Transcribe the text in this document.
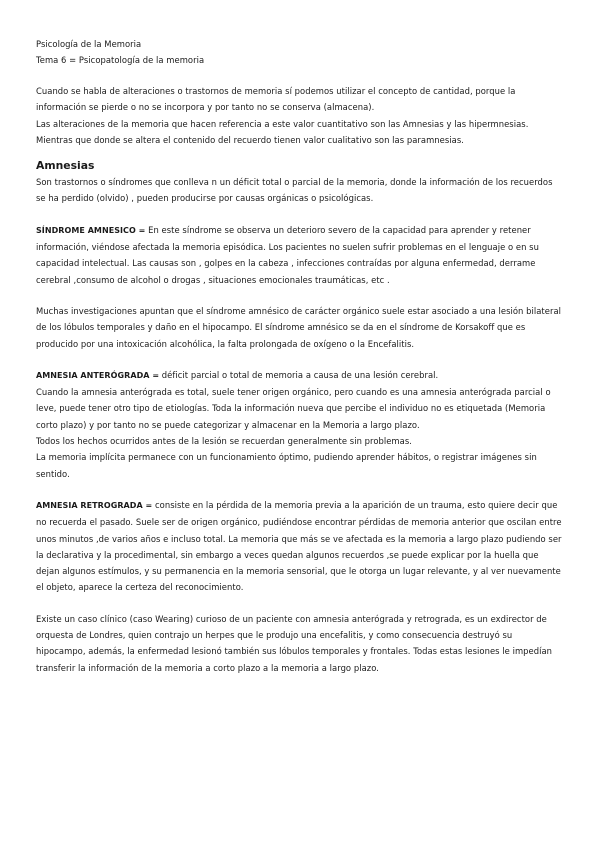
Psicología de la Memoria

Tema 6 = Psicopatología de la memoria

Cuando se habla de alteraciones o trastornos de memoria sí podemos utilizar el concepto de cantidad, porque la información se pierde o no se incorpora y por tanto no se conserva (almacena).

Las alteraciones de la memoria que hacen referencia a este valor cuantitativo son las Amnesias y las hipermnesias.

Mientras que donde se altera el contenido del recuerdo tienen valor cualitativo son las paramnesias.

Amnesias

Son trastornos o síndromes que conlleva n un déficit total o parcial de la memoria, donde la información de los recuerdos se ha perdido (olvido) , pueden producirse por causas orgánicas o psicológicas.

SÍNDROME AMNESICO = En este síndrome se observa un deterioro severo de la capacidad para aprender y retener información, viéndose afectada la memoria episódica. Los pacientes no suelen sufrir problemas en el lenguaje o en su capacidad intelectual. Las causas son , golpes en la cabeza , infecciones contraídas por alguna enfermedad, derrame cerebral ,consumo de alcohol o drogas , situaciones emocionales traumáticas, etc .

Muchas investigaciones apuntan que el síndrome amnésico de carácter orgánico suele estar asociado a una lesión bilateral de los lóbulos temporales y daño en el hipocampo. El síndrome amnésico se da en el síndrome de Korsakoff que es producido por una intoxicación alcohólica, la falta prolongada de oxígeno o la Encefalitis.

AMNESIA ANTERÓGRADA = déficit parcial o total de memoria a causa de una lesión cerebral.

Cuando la amnesia anterógrada es total, suele tener origen orgánico, pero cuando es una amnesia anterógrada parcial o leve, puede tener otro tipo de etiologías. Toda la información nueva que percibe el individuo no es etiquetada (Memoria corto plazo) y por tanto no se puede categorizar y almacenar en la Memoria a largo plazo.

Todos los hechos ocurridos antes de la lesión se recuerdan generalmente sin problemas.

La memoria implícita permanece con un funcionamiento óptimo, pudiendo aprender hábitos, o registrar imágenes sin sentido.

AMNESIA RETROGRADA = consiste en la pérdida de la memoria previa a la aparición de un trauma, esto quiere decir que no recuerda el pasado. Suele ser de origen orgánico, pudiéndose encontrar pérdidas de memoria anterior que oscilan entre unos minutos ,de varios años e incluso total. La memoria que más se ve afectada es la memoria a largo plazo pudiendo ser la declarativa y la procedimental, sin embargo a veces quedan algunos recuerdos ,se puede explicar por la huella que dejan algunos estímulos, y su permanencia en la memoria sensorial, que le otorga un lugar relevante, y al ver nuevamente el objeto, aparece la certeza del reconocimiento.

Existe un caso clínico (caso Wearing) curioso de un paciente con amnesia anterógrada y retrograda, es un exdirector de orquesta de Londres, quien contrajo un herpes que le produjo una encefalitis, y como consecuencia destruyó su hipocampo, además, la enfermedad lesionó también sus lóbulos temporales y frontales. Todas estas lesiones le impedían transferir la información de la memoria a corto plazo a la memoria a largo plazo.
